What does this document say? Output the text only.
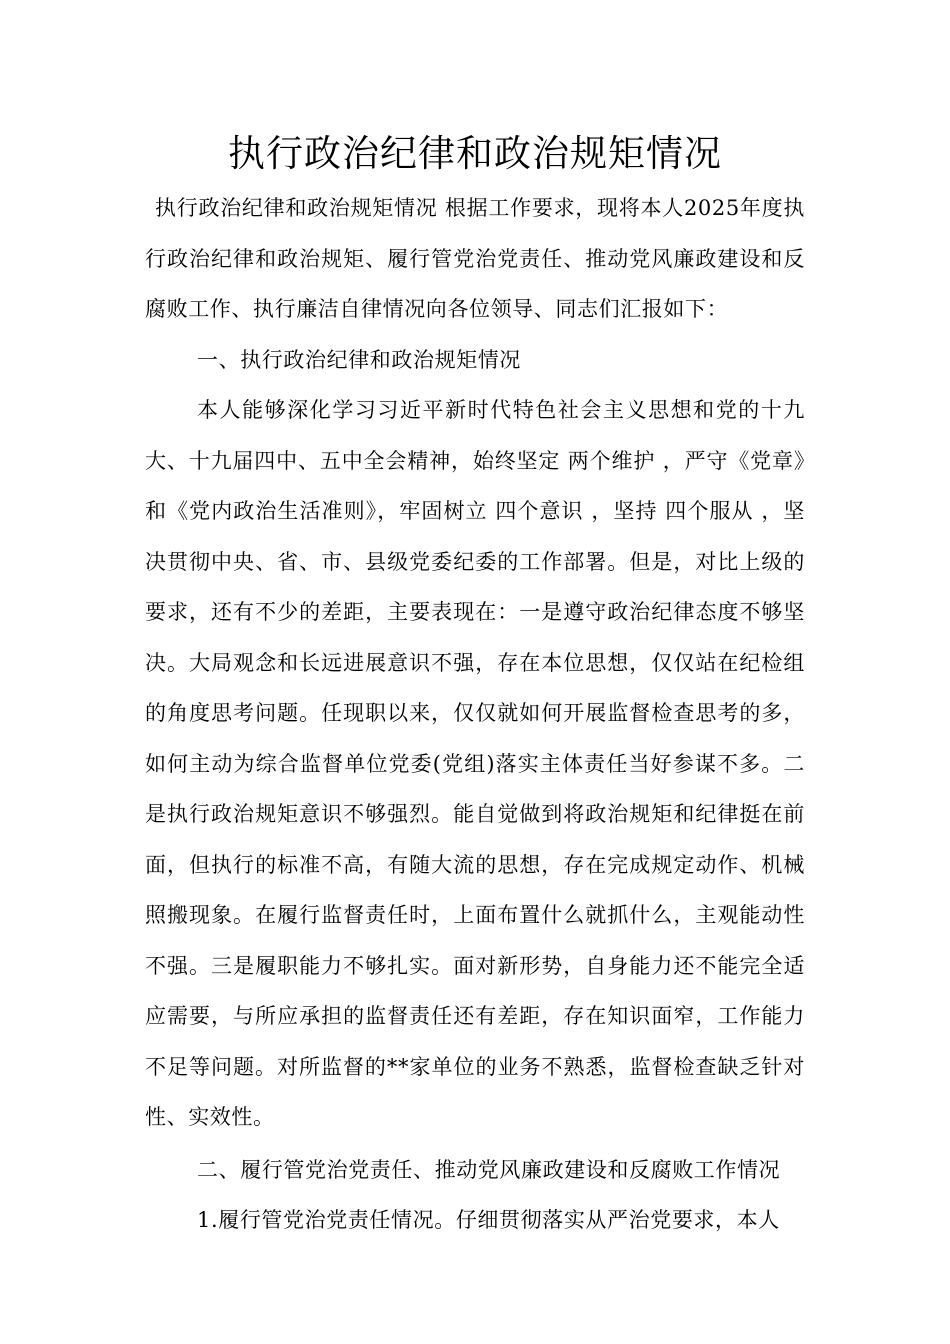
执行政治纪律和政治规矩情况

执行政治纪律和政治规矩情况 根据工作要求，现将本人2025年度执行政治纪律和政治规矩、履行管党治党责任、推动党风廉政建设和反腐败工作、执行廉洁自律情况向各位领导、同志们汇报如下：

一、执行政治纪律和政治规矩情况

本人能够深化学习习近平新时代特色社会主义思想和党的十九大、十九届四中、五中全会精神，始终坚定 两个维护 ，严守《党章》和《党内政治生活准则》，牢固树立 四个意识 ，坚持 四个服从 ，坚决贯彻中央、省、市、县级党委纪委的工作部署。但是，对比上级的要求，还有不少的差距，主要表现在：一是遵守政治纪律态度不够坚决。大局观念和长远进展意识不强，存在本位思想，仅仅站在纪检组的角度思考问题。任现职以来，仅仅就如何开展监督检查思考的多，如何主动为综合监督单位党委(党组)落实主体责任当好参谋不多。二是执行政治规矩意识不够强烈。能自觉做到将政治规矩和纪律挺在前面，但执行的标准不高，有随大流的思想，存在完成规定动作、机械照搬现象。在履行监督责任时，上面布置什么就抓什么，主观能动性不强。三是履职能力不够扎实。面对新形势，自身能力还不能完全适应需要，与所应承担的监督责任还有差距，存在知识面窄，工作能力不足等问题。对所监督的**家单位的业务不熟悉，监督检查缺乏针对性、实效性。

二、履行管党治党责任、推动党风廉政建设和反腐败工作情况

1.履行管党治党责任情况。仔细贯彻落实从严治党要求，本人
